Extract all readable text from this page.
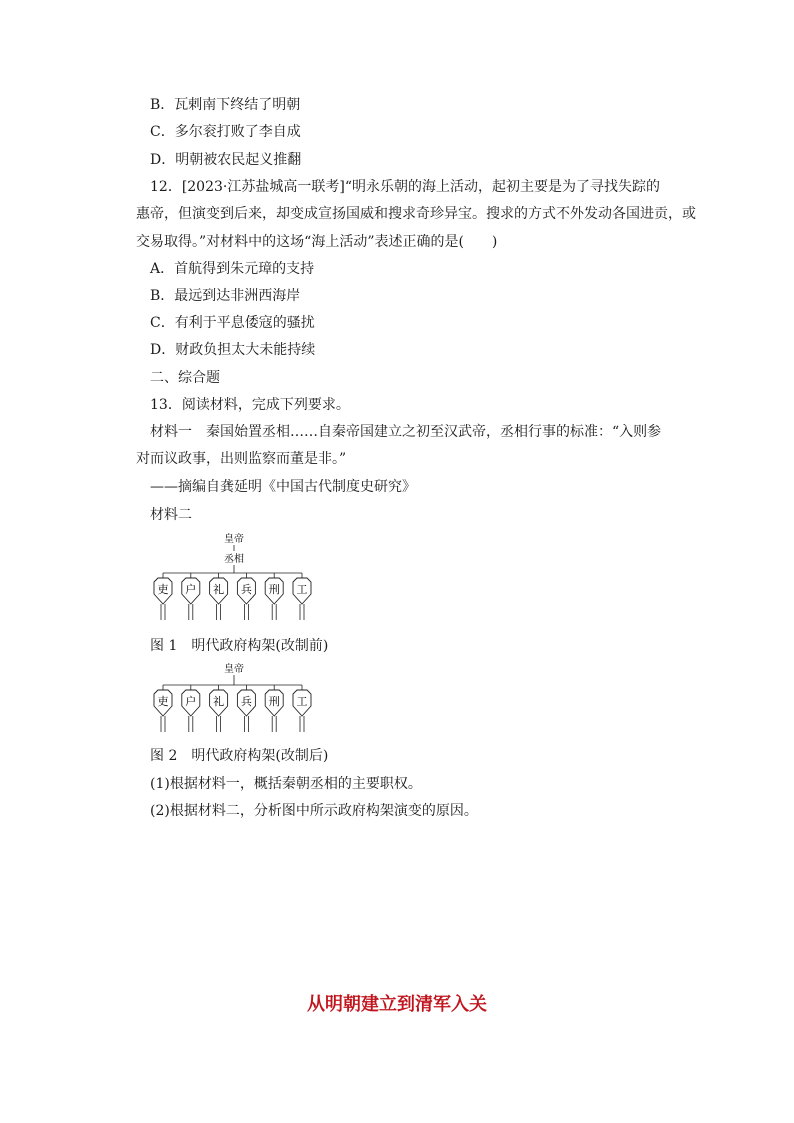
B．瓦剌南下终结了明朝
C．多尔衮打败了李自成
D．明朝被农民起义推翻
12．[2023·江苏盐城高一联考]“明永乐朝的海上活动，起初主要是为了寻找失踪的
惠帝，但演变到后来，却变成宣扬国威和搜求奇珍异宝。搜求的方式不外发动各国进贡，或
交易取得。”对材料中的这场“海上活动”表述正确的是(　　)
A．首航得到朱元璋的支持
B．最远到达非洲西海岸
C．有利于平息倭寇的骚扰
D．财政负担太大未能持续
二、综合题
13．阅读材料，完成下列要求。
材料一　秦国始置丞相……自秦帝国建立之初至汉武帝，丞相行事的标准：“入则参
对而议政事，出则监察而董是非。”
——摘编自龚延明《中国古代制度史研究》
材料二
皇帝
丞相
吏 户 礼 兵 刑 工
图 1　明代政府构架(改制前)
皇帝
吏 户 礼 兵 刑 工
图 2　明代政府构架(改制后)
(1)根据材料一，概括秦朝丞相的主要职权。
(2)根据材料二，分析图中所示政府构架演变的原因。
从明朝建立到清军入关
